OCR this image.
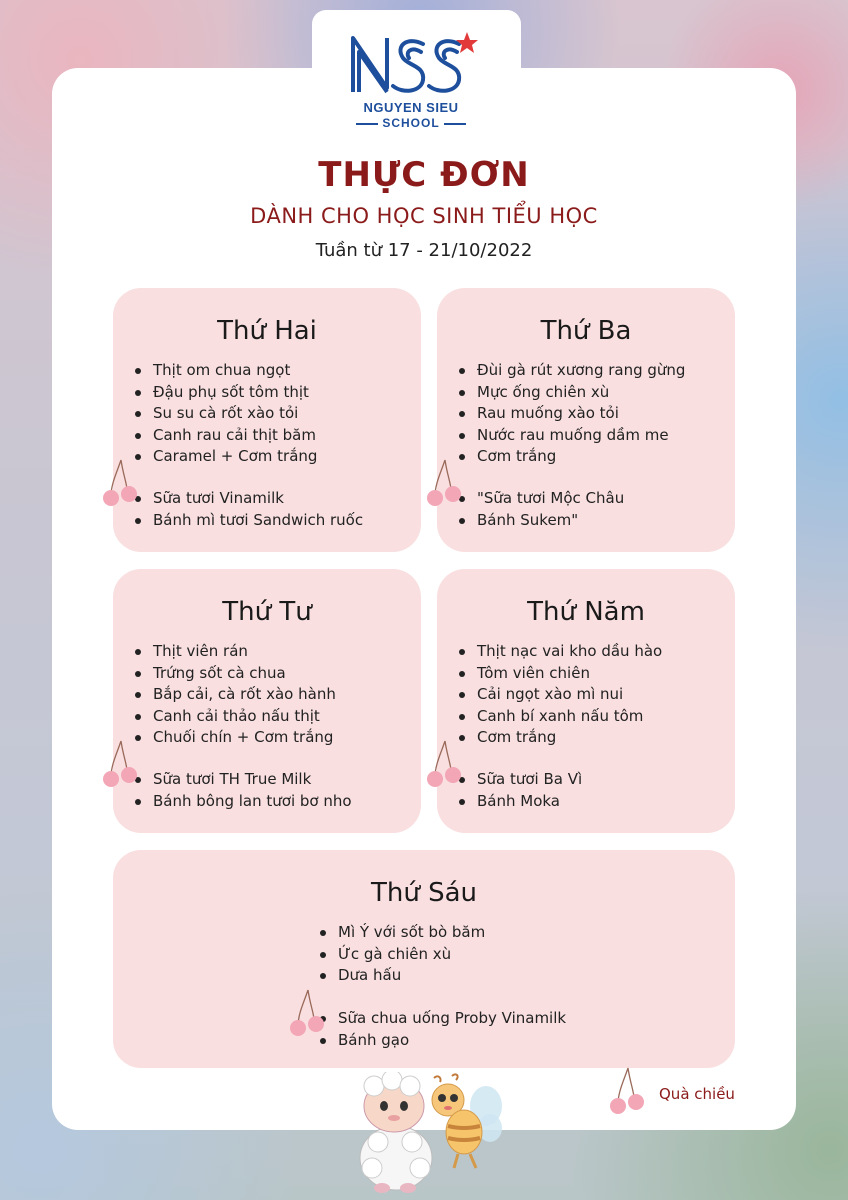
NGUYEN SIEU
SCHOOL
THỰC ĐƠN
DÀNH CHO HỌC SINH TIỂU HỌC
Tuần từ 17 - 21/10/2022
Thứ Hai
Thịt om chua ngọt
Đậu phụ sốt tôm thịt
Su su cà rốt xào tỏi
Canh rau cải thịt băm
Caramel + Cơm trắng
Sữa tươi Vinamilk
Bánh mì tươi Sandwich ruốc
Thứ Ba
Đùi gà rút xương rang gừng
Mực ống chiên xù
Rau muống xào tỏi
Nước rau muống dầm me
Cơm trắng
"Sữa tươi Mộc Châu
Bánh Sukem"
Thứ Tư
Thịt viên rán
Trứng sốt cà chua
Bắp cải, cà rốt xào hành
Canh cải thảo nấu thịt
Chuối chín + Cơm trắng
Sữa tươi TH True Milk
Bánh bông lan tươi bơ nho
Thứ Năm
Thịt nạc vai kho dầu hào
Tôm viên chiên
Cải ngọt xào mì nui
Canh bí xanh nấu tôm
Cơm trắng
Sữa tươi Ba Vì
Bánh Moka
Thứ Sáu
Mì Ý với sốt bò băm
Ức gà chiên xù
Dưa hấu
Sữa chua uống Proby Vinamilk
Bánh gạo
Quà chiều
